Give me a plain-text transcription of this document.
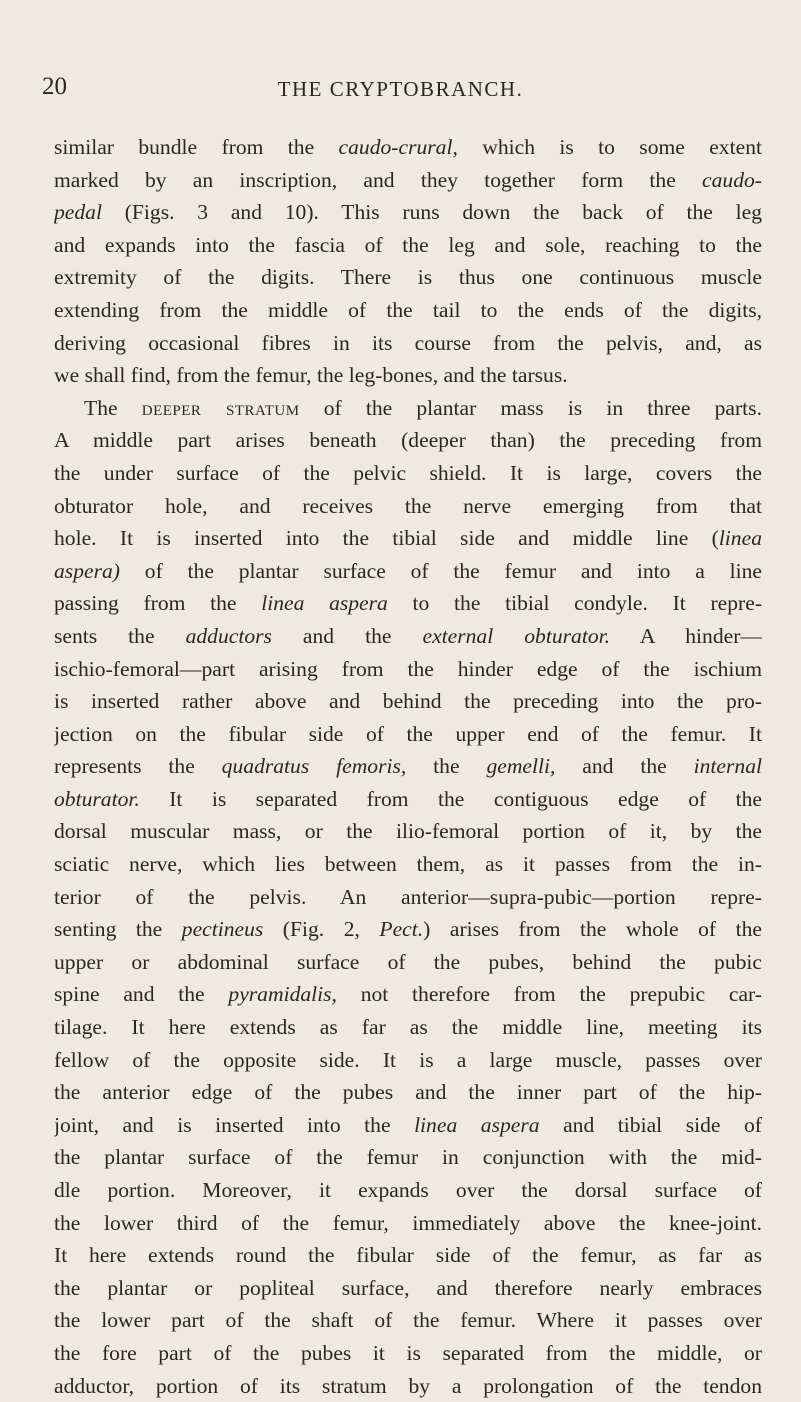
20	THE CRYPTOBRANCH.
similar bundle from the caudo-crural, which is to some extent
marked by an inscription, and they together form the caudo-
pedal (Figs. 3 and 10). This runs down the back of the leg
and expands into the fascia of the leg and sole, reaching to the
extremity of the digits. There is thus one continuous muscle
extending from the middle of the tail to the ends of the digits,
deriving occasional fibres in its course from the pelvis, and, as
we shall find, from the femur, the leg-bones, and the tarsus.
The deeper stratum of the plantar mass is in three parts.
A middle part arises beneath (deeper than) the preceding from
the under surface of the pelvic shield. It is large, covers the
obturator hole, and receives the nerve emerging from that
hole. It is inserted into the tibial side and middle line (linea
aspera) of the plantar surface of the femur and into a line
passing from the linea aspera to the tibial condyle. It repre-
sents the adductors and the external obturator. A hinder—
ischio-femoral—part arising from the hinder edge of the ischium
is inserted rather above and behind the preceding into the pro-
jection on the fibular side of the upper end of the femur. It
represents the quadratus femoris, the gemelli, and the internal
obturator. It is separated from the contiguous edge of the
dorsal muscular mass, or the ilio-femoral portion of it, by the
sciatic nerve, which lies between them, as it passes from the in-
terior of the pelvis. An anterior—supra-pubic—portion repre-
senting the pectineus (Fig. 2, Pect.) arises from the whole of the
upper or abdominal surface of the pubes, behind the pubic
spine and the pyramidalis, not therefore from the prepubic car-
tilage. It here extends as far as the middle line, meeting its
fellow of the opposite side. It is a large muscle, passes over
the anterior edge of the pubes and the inner part of the hip-
joint, and is inserted into the linea aspera and tibial side of
the plantar surface of the femur in conjunction with the mid-
dle portion. Moreover, it expands over the dorsal surface of
the lower third of the femur, immediately above the knee-joint.
It here extends round the fibular side of the femur, as far as
the plantar or popliteal surface, and therefore nearly embraces
the lower part of the shaft of the femur. Where it passes over
the fore part of the pubes it is separated from the middle, or
adductor, portion of its stratum by a prolongation of the tendon
